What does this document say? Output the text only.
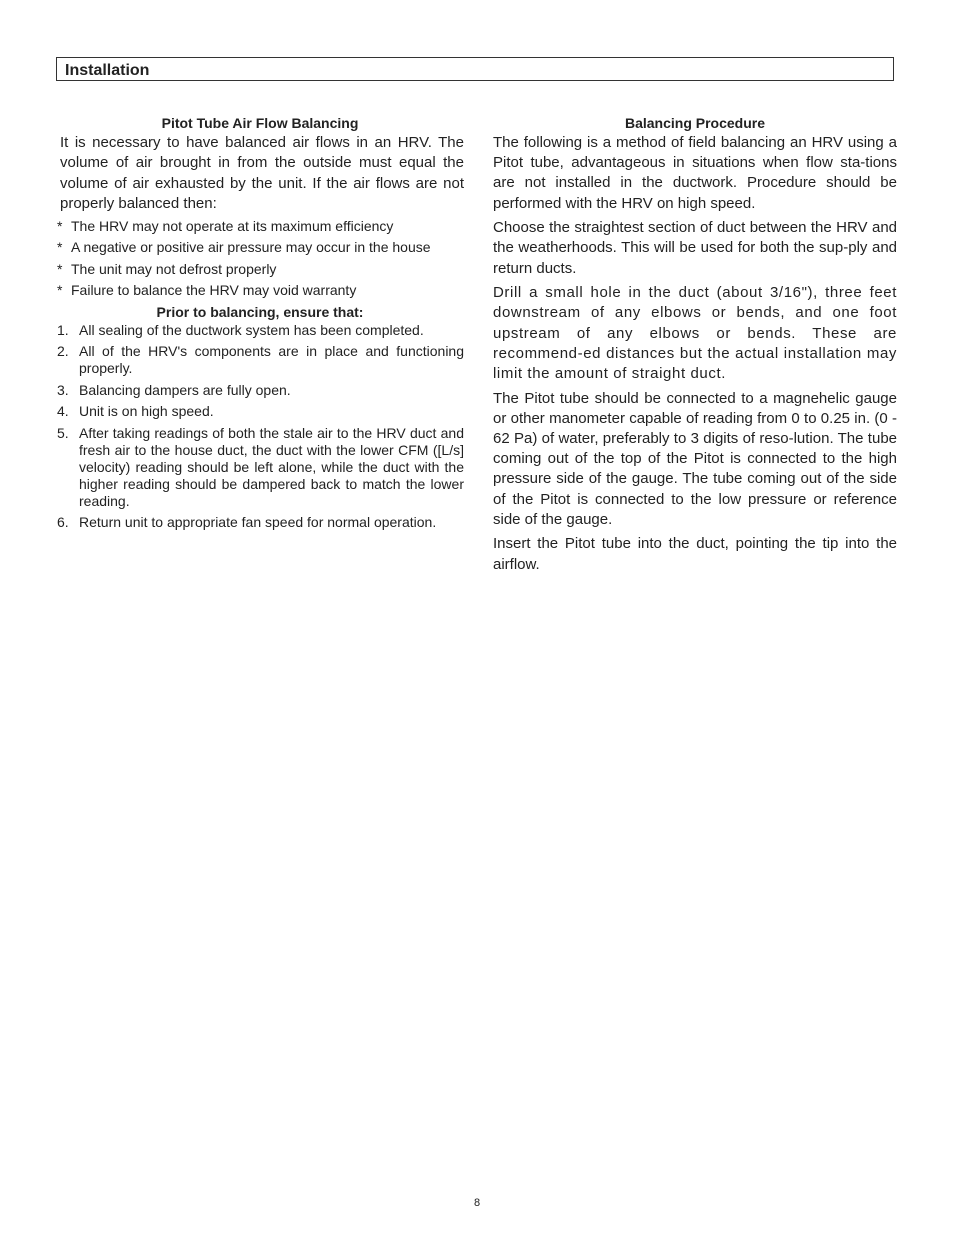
Installation

Pitot Tube Air Flow Balancing

It is necessary to have balanced air flows in an HRV. The volume of air brought in from the outside must equal the volume of air exhausted by the unit. If the air flows are not properly balanced then:

* The HRV may not operate at its maximum efficiency
* A negative or positive air pressure may occur in the house
* The unit may not defrost properly
* Failure to balance the HRV may void warranty

Prior to balancing, ensure that:

1. All sealing of the ductwork system has been completed.
2. All of the HRV's components are in place and functioning properly.
3. Balancing dampers are fully open.
4. Unit is on high speed.
5. After taking readings of both the stale air to the HRV duct and fresh air to the house duct, the duct with the lower CFM ([L/s] velocity) reading should be left alone, while the duct with the higher reading should be dampered back to match the lower reading.
6. Return unit to appropriate fan speed for normal operation.

Balancing Procedure

The following is a method of field balancing an HRV using a Pitot tube, advantageous in situations when flow sta-tions are not installed in the ductwork. Procedure should be performed with the HRV on high speed.

Choose the straightest section of duct between the HRV and the weatherhoods. This will be used for both the sup-ply and return ducts.

Drill a small hole in the duct (about 3/16"), three feet downstream of any elbows or bends, and one foot upstream of any elbows or bends. These are recommend-ed distances but the actual installation may limit the amount of straight duct.

The Pitot tube should be connected to a magnehelic gauge or other manometer capable of reading from 0 to 0.25 in. (0 - 62 Pa) of water, preferably to 3 digits of reso-lution. The tube coming out of the top of the Pitot is connected to the high pressure side of the gauge. The tube coming out of the side of the Pitot is connected to the low pressure or reference side of the gauge.

Insert the Pitot tube into the duct, pointing the tip into the airflow.

8
